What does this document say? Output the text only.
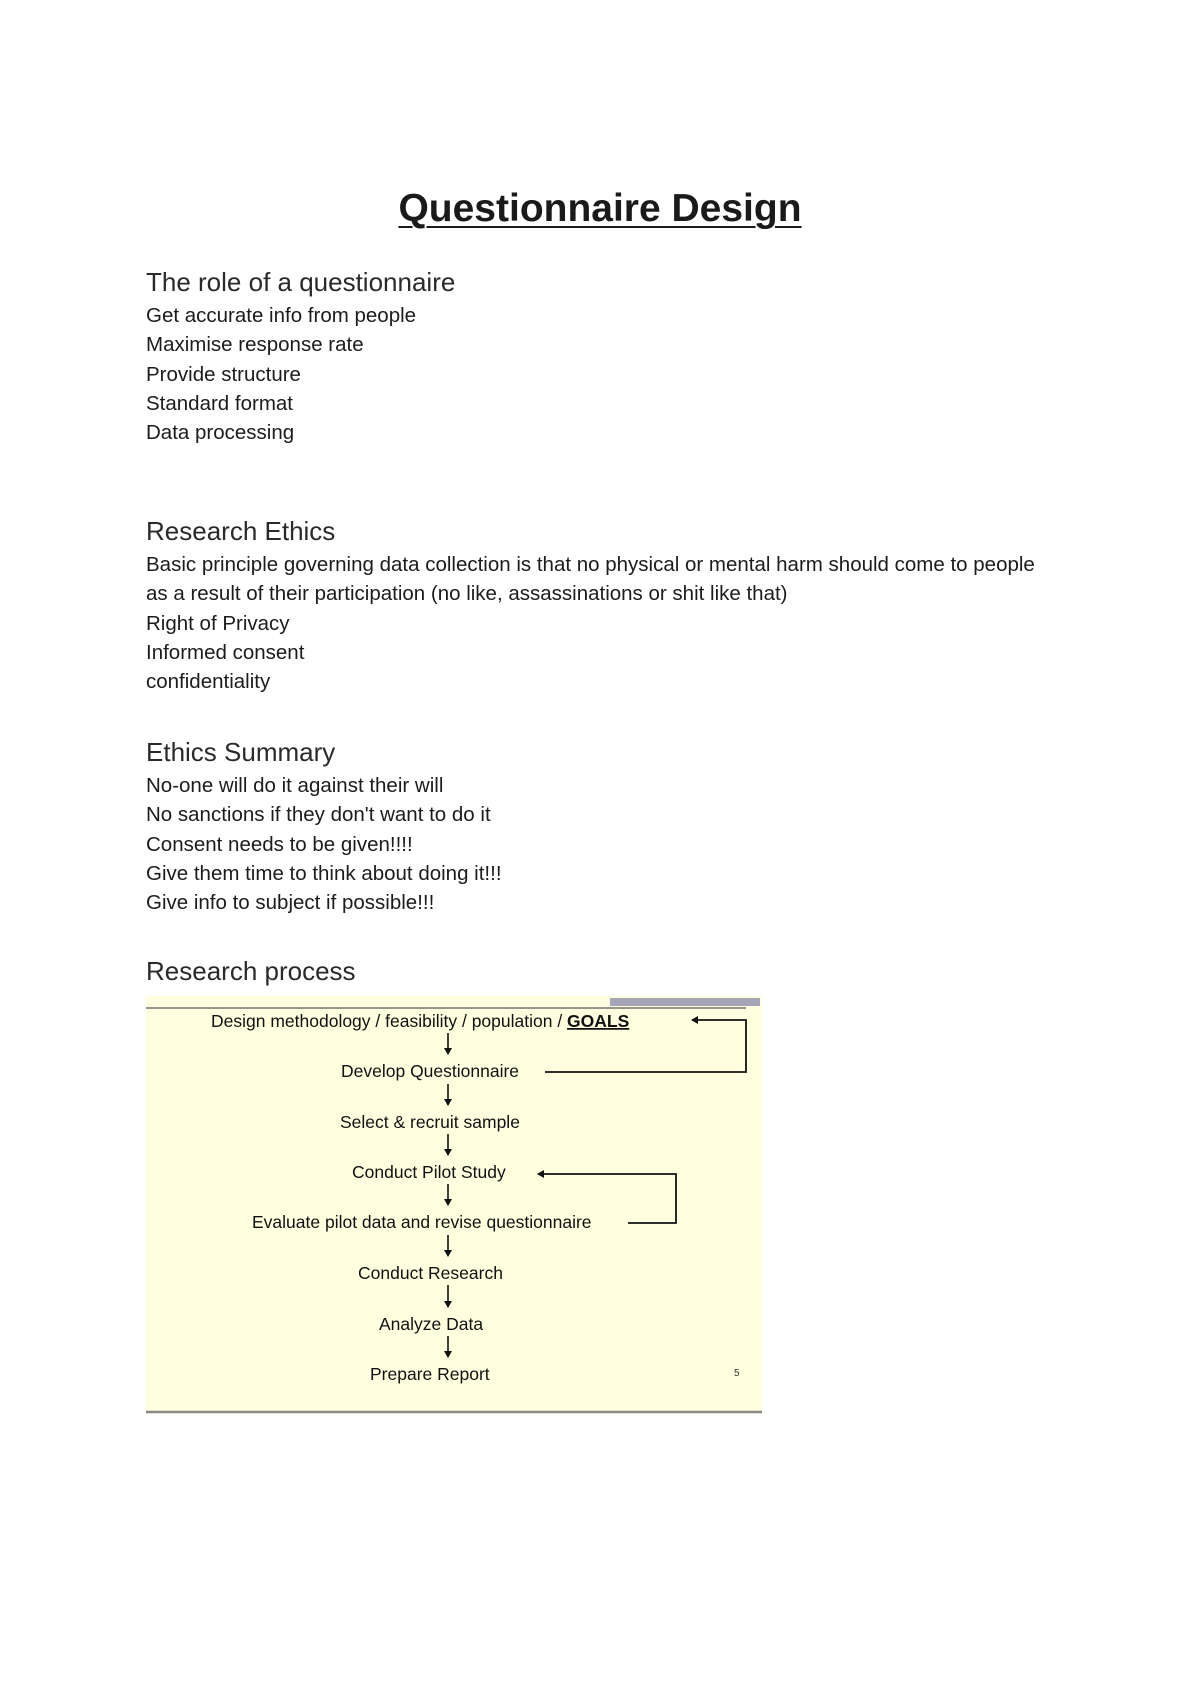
Questionnaire Design
The role of a questionnaire
Get accurate info from people
Maximise response rate
Provide structure
Standard format
Data processing
Research Ethics
Basic principle governing data collection is that no physical or mental harm should come to people as a result of their participation (no like, assassinations or shit like that)
Right of Privacy
Informed consent
confidentiality
Ethics Summary
No-one will do it against their will
No sanctions if they don't want to do it
Consent needs to be given!!!!
Give them time to think about doing it!!!
Give info to subject if possible!!!
Research process
Design methodology / feasibility / population / GOALS
Develop Questionnaire
Select & recruit sample
Conduct Pilot Study
Evaluate pilot data and revise questionnaire
Conduct Research
Analyze Data
Prepare Report	5
